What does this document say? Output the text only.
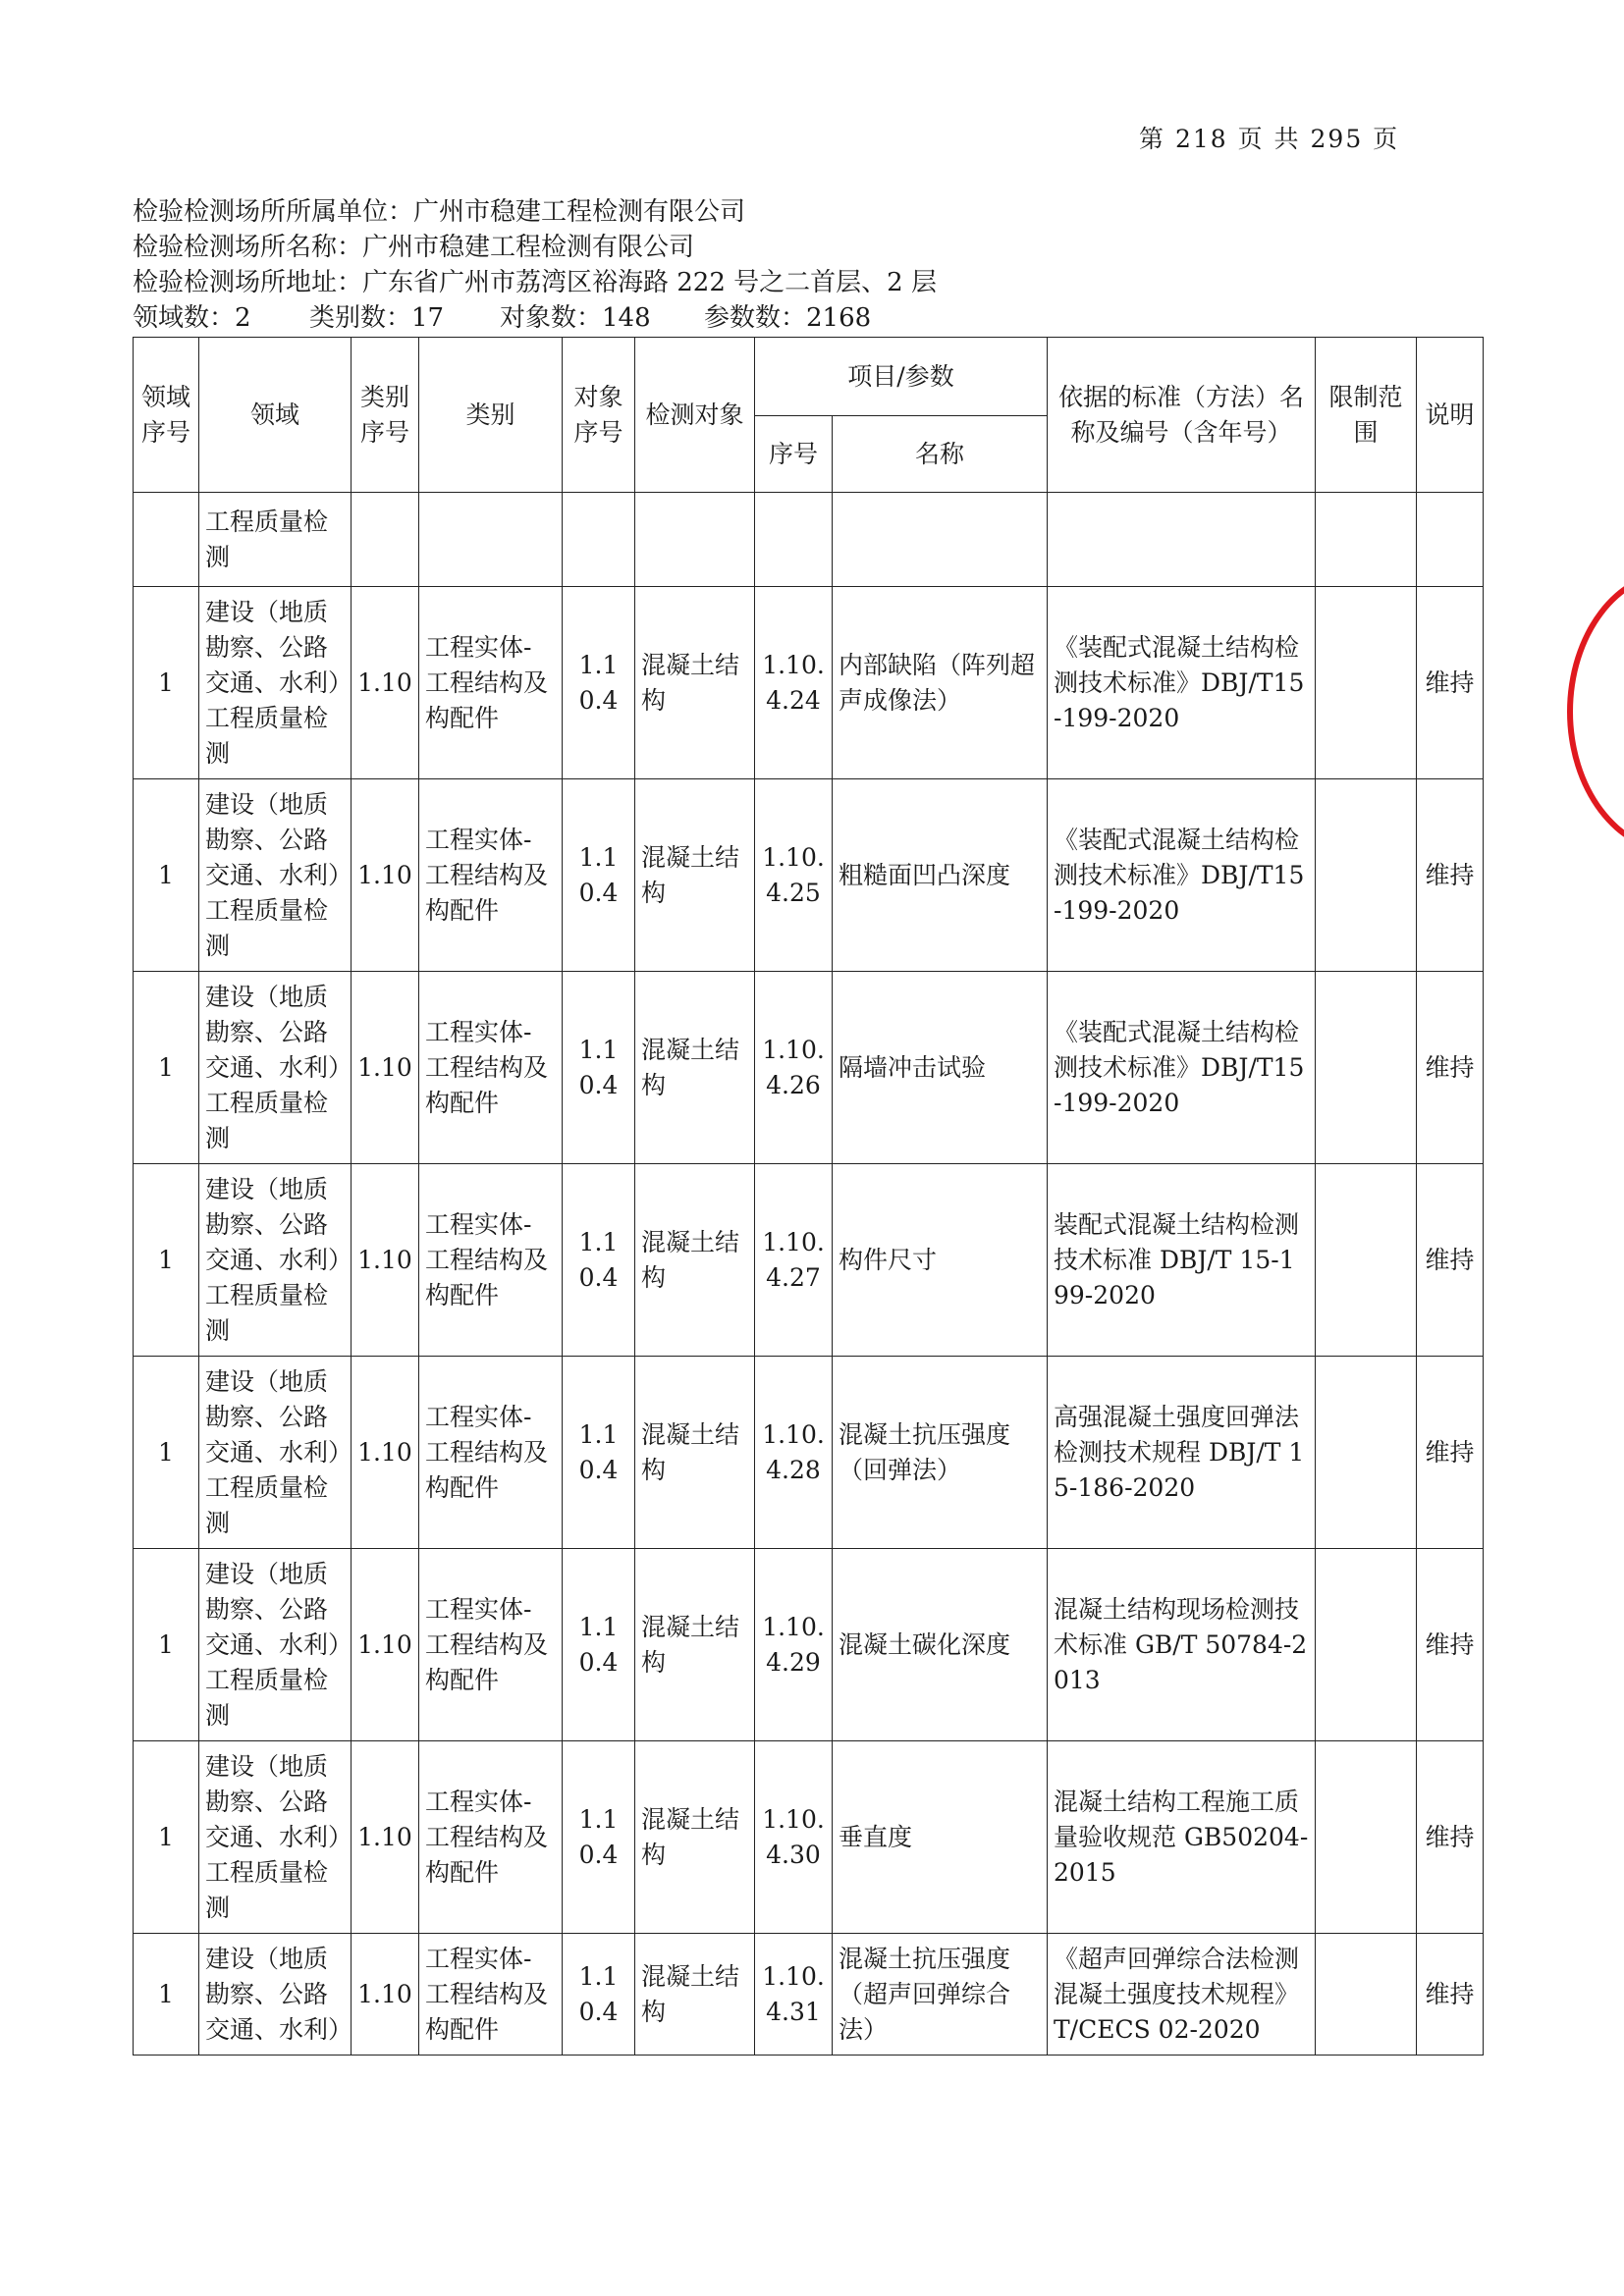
第 218 页 共 295 页
检验检测场所所属单位：广州市稳建工程检测有限公司
检验检测场所名称：广州市稳建工程检测有限公司
检验检测场所地址：广东省广州市荔湾区裕海路 222 号之二首层、2 层
领域数：2	类别数：17	对象数：148	参数数：2168
领域序号	领域	类别序号	类别	对象序号	检测对象	项目/参数		依据的标准（方法）名称及编号（含年号）	限制范围	说明
						序号	名称			
	工程质量检测									
1	建设（地质勘察、公路交通、水利）工程质量检测	1.10	工程实体-工程结构及构配件	1.10.4	混凝土结构	1.10.4.24	内部缺陷（阵列超声成像法）	《装配式混凝土结构检测技术标准》DBJ/T15-199-2020		维持
1	建设（地质勘察、公路交通、水利）工程质量检测	1.10	工程实体-工程结构及构配件	1.10.4	混凝土结构	1.10.4.25	粗糙面凹凸深度	《装配式混凝土结构检测技术标准》DBJ/T15-199-2020		维持
1	建设（地质勘察、公路交通、水利）工程质量检测	1.10	工程实体-工程结构及构配件	1.10.4	混凝土结构	1.10.4.26	隔墙冲击试验	《装配式混凝土结构检测技术标准》DBJ/T15-199-2020		维持
1	建设（地质勘察、公路交通、水利）工程质量检测	1.10	工程实体-工程结构及构配件	1.10.4	混凝土结构	1.10.4.27	构件尺寸	装配式混凝土结构检测技术标准 DBJ/T 15-199-2020		维持
1	建设（地质勘察、公路交通、水利）工程质量检测	1.10	工程实体-工程结构及构配件	1.10.4	混凝土结构	1.10.4.28	混凝土抗压强度（回弹法）	高强混凝土强度回弹法检测技术规程 DBJ/T 15-186-2020		维持
1	建设（地质勘察、公路交通、水利）工程质量检测	1.10	工程实体-工程结构及构配件	1.10.4	混凝土结构	1.10.4.29	混凝土碳化深度	混凝土结构现场检测技术标准 GB/T 50784-2013		维持
1	建设（地质勘察、公路交通、水利）工程质量检测	1.10	工程实体-工程结构及构配件	1.10.4	混凝土结构	1.10.4.30	垂直度	混凝土结构工程施工质量验收规范 GB50204-2015		维持
1	建设（地质勘察、公路交通、水利）	1.10	工程实体-工程结构及构配件	1.10.4	混凝土结构	1.10.4.31	混凝土抗压强度（超声回弹综合法）	《超声回弹综合法检测混凝土强度技术规程》 T/CECS 02-2020		维持
